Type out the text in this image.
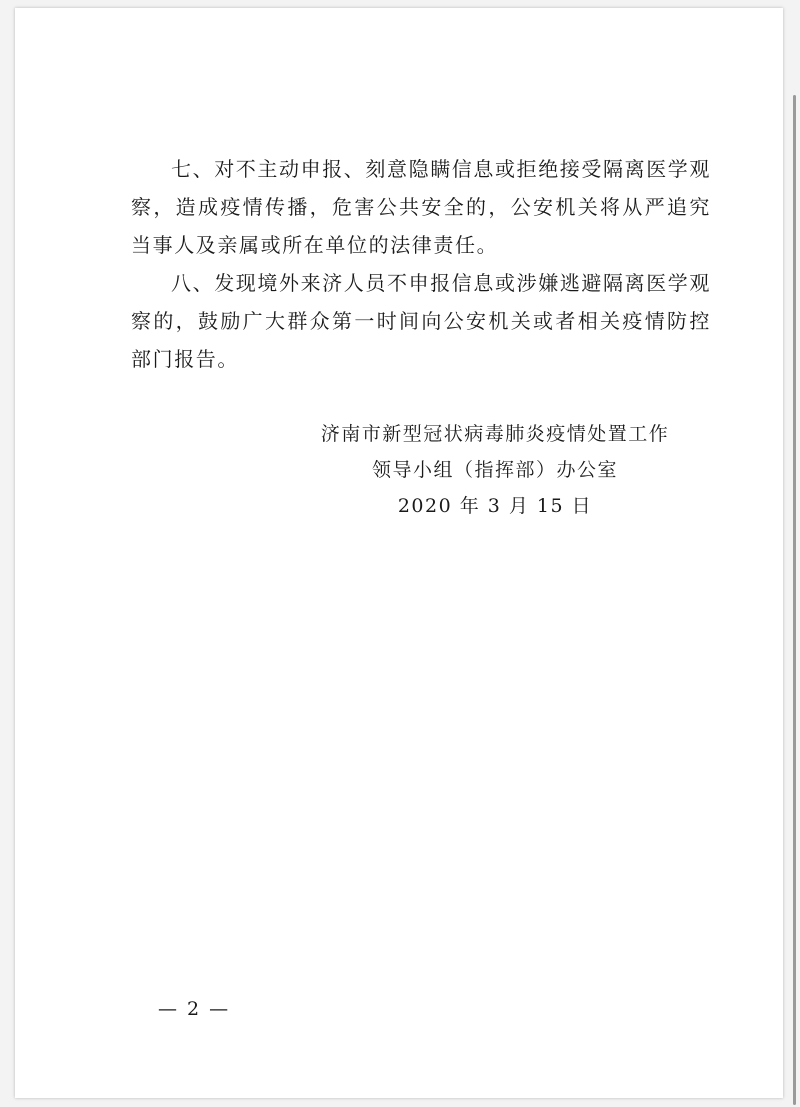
七、对不主动申报、刻意隐瞒信息或拒绝接受隔离医学观察，造成疫情传播，危害公共安全的，公安机关将从严追究当事人及亲属或所在单位的法律责任。

八、发现境外来济人员不申报信息或涉嫌逃避隔离医学观察的，鼓励广大群众第一时间向公安机关或者相关疫情防控部门报告。

济南市新型冠状病毒肺炎疫情处置工作
领导小组（指挥部）办公室
2020 年 3 月 15 日
— 2 —
